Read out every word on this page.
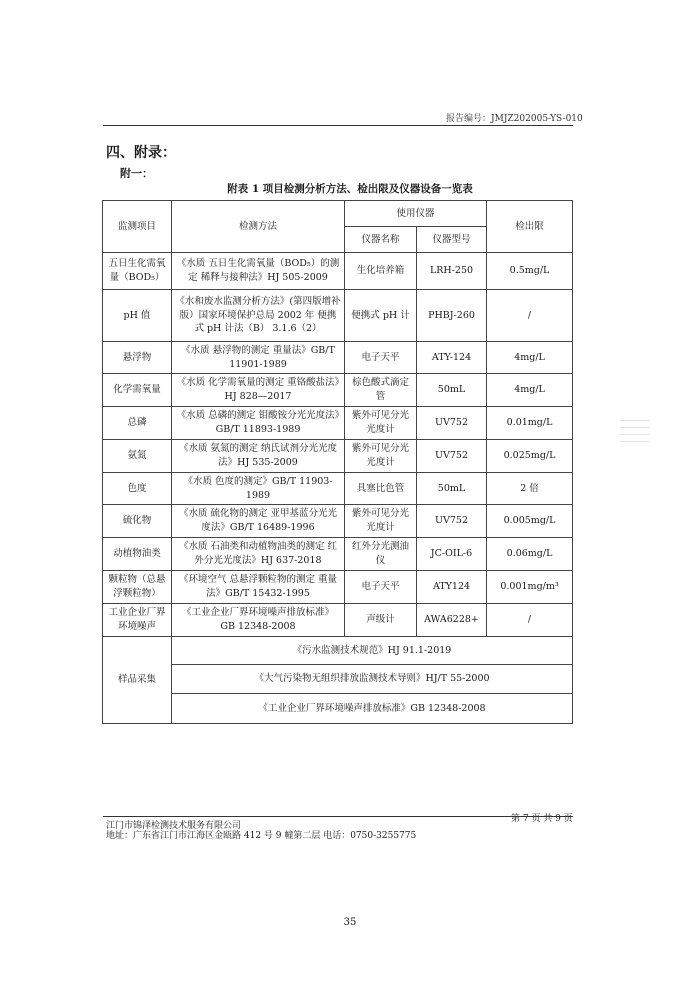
报告编号：JMJZ202005-YS-010
四、附录：
附一：
附表 1 项目检测分析方法、检出限及仪器设备一览表
监测项目	检测方法	使用仪器		检出限
		仪器名称	仪器型号	
五日生化需氧量（BOD₅）	《水质 五日生化需氧量（BOD₅）的测定 稀释与接种法》HJ 505-2009	生化培养箱	LRH-250	0.5mg/L
pH 值	《水和废水监测分析方法》(第四版增补版）国家环境保护总局 2002 年 便携式 pH 计法（B） 3.1.6（2）	便携式 pH 计	PHBJ-260	/
悬浮物	《水质 悬浮物的测定 重量法》GB/T 11901-1989	电子天平	ATY-124	4mg/L
化学需氧量	《水质 化学需氧量的测定 重铬酸盐法》HJ 828—2017	棕色酸式滴定管	50mL	4mg/L
总磷	《水质 总磷的测定 钼酸铵分光光度法》GB/T 11893-1989	紫外可见分光光度计	UV752	0.01mg/L
氨氮	《水质 氨氮的测定 纳氏试剂分光光度法》HJ 535-2009	紫外可见分光光度计	UV752	0.025mg/L
色度	《水质 色度的测定》GB/T 11903-1989	具塞比色管	50mL	2 倍
硫化物	《水质 硫化物的测定 亚甲基蓝分光光度法》GB/T 16489-1996	紫外可见分光光度计	UV752	0.005mg/L
动植物油类	《水质 石油类和动植物油类的测定 红外分光光度法》HJ 637-2018	红外分光测油仪	JC-OIL-6	0.06mg/L
颗粒物（总悬浮颗粒物）	《环境空气 总悬浮颗粒物的测定 重量法》GB/T 15432-1995	电子天平	ATY124	0.001mg/m³
工业企业厂界环境噪声	《工业企业厂界环境噪声排放标准》GB 12348-2008	声级计	AWA6228+	/
样品采集	《污水监测技术规范》HJ 91.1-2019			
	《大气污染物无组织排放监测技术导则》HJ/T 55-2000			
	《工业企业厂界环境噪声排放标准》GB 12348-2008			
第 7 页 共 9 页
江门市锦泽检测技术服务有限公司
地址：广东省江门市江海区金瓯路 412 号 9 幢第二层 电话：0750-3255775
35
